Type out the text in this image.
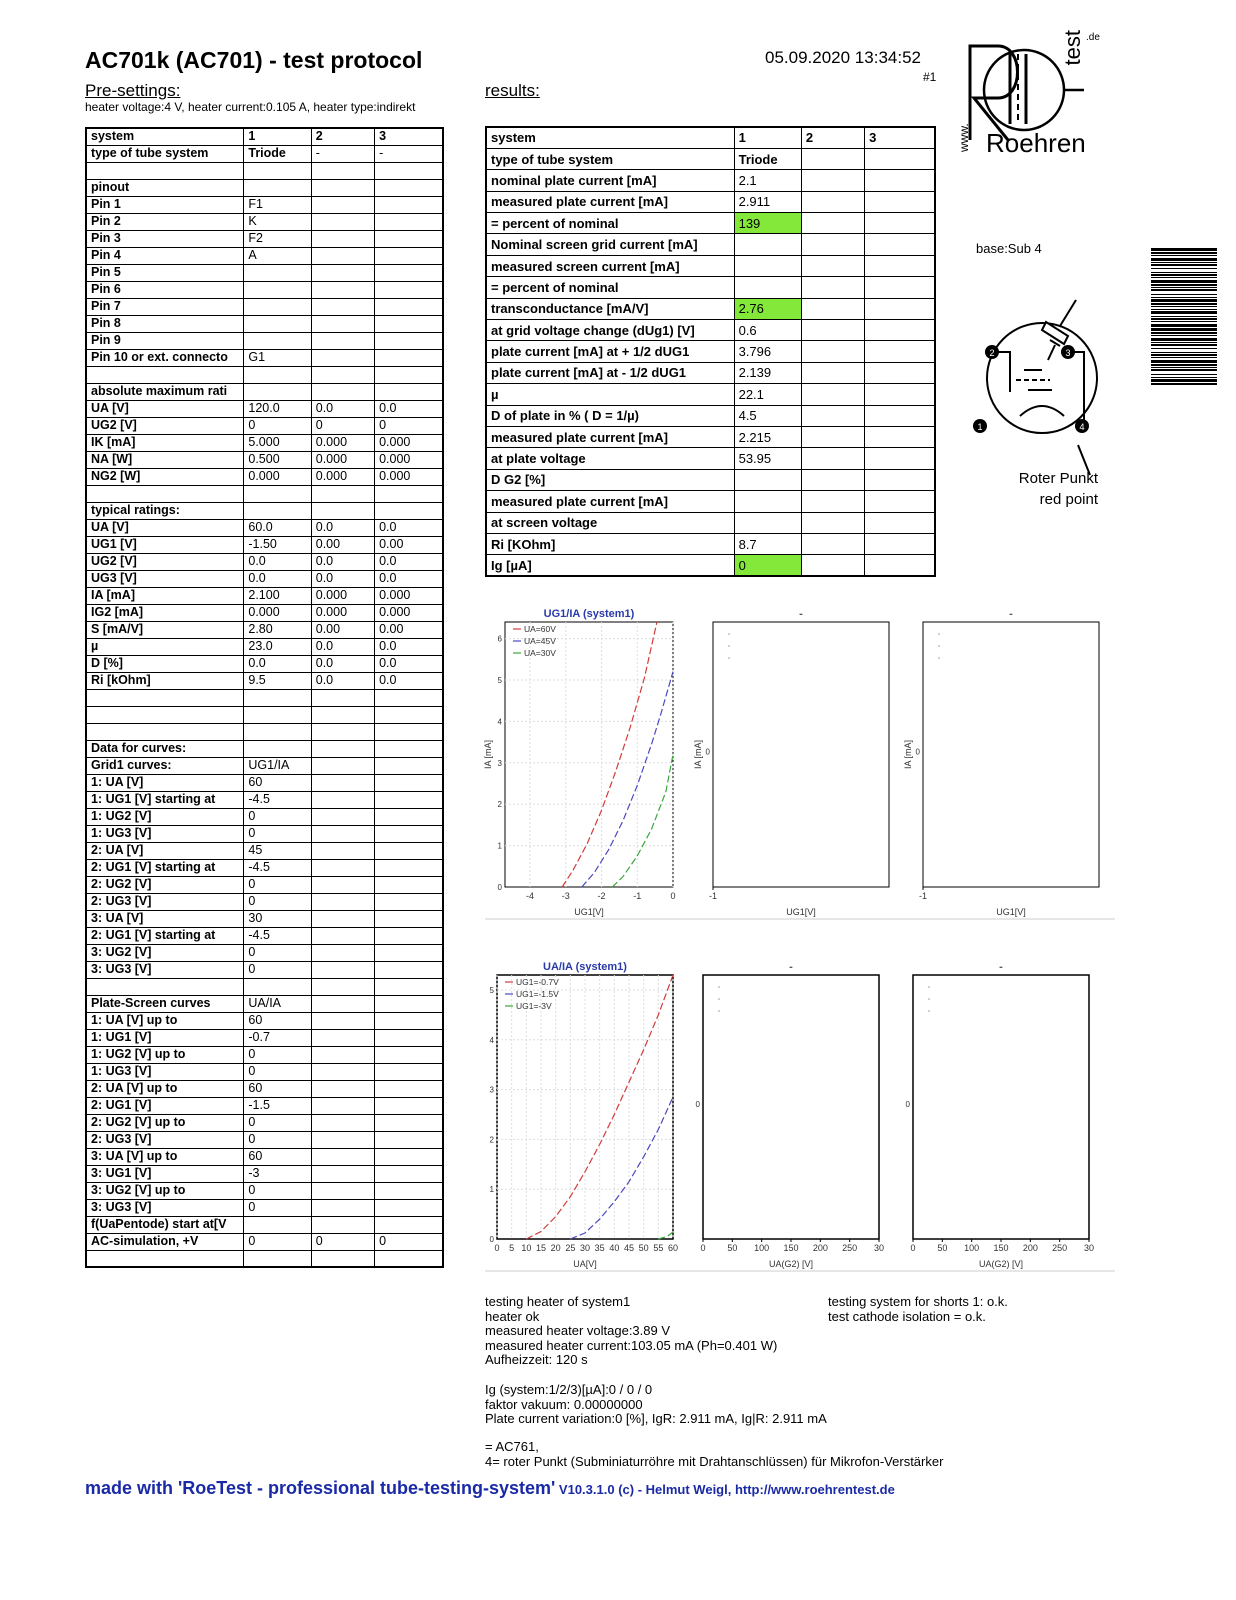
AC701k (AC701) - test protocol	05.09.2020 13:34:52
#1
Pre-settings:
heater voltage:4 V, heater current:0.105 A, heater type:indirekt
results:
test .de
www. Roehren
base:Sub 4
2	3
1	4
Roter Punkt
red point
system	1	2	3
type of tube system	Triode	-	-

pinout			
Pin 1	F1		
Pin 2	K		
Pin 3	F2		
Pin 4	A		
Pin 5			
Pin 6			
Pin 7			
Pin 8			
Pin 9			
Pin 10 or ext. connecto	G1		

absolute maximum rati			
UA [V]	120.0	0.0	0.0
UG2 [V]	0	0	0
IK [mA]	5.000	0.000	0.000
NA [W]	0.500	0.000	0.000
NG2 [W]	0.000	0.000	0.000

typical ratings:			
UA [V]	60.0	0.0	0.0
UG1 [V]	-1.50	0.00	0.00
UG2 [V]	0.0	0.0	0.0
UG3 [V]	0.0	0.0	0.0
IA [mA]	2.100	0.000	0.000
IG2 [mA]	0.000	0.000	0.000
S [mA/V]	2.80	0.00	0.00
µ	23.0	0.0	0.0
D [%]	0.0	0.0	0.0
Ri [kOhm]	9.5	0.0	0.0

Data for curves:			
Grid1 curves:	UG1/IA		
1: UA [V]	60		
1: UG1 [V] starting at	-4.5		
1: UG2 [V]	0		
1: UG3 [V]	0		
2: UA [V]	45		
2: UG1 [V] starting at	-4.5		
2: UG2 [V]	0		
2: UG3 [V]	0		
3: UA [V]	30		
2: UG1 [V] starting at	-4.5		
3: UG2 [V]	0		
3: UG3 [V]	0		

Plate-Screen curves	UA/IA		
1: UA [V] up to	60		
1: UG1 [V]	-0.7		
1: UG2 [V] up to	0		
1: UG3 [V]	0		
2: UA [V] up to	60		
2: UG1 [V]	-1.5		
2: UG2 [V] up to	0		
2: UG3 [V]	0		
3: UA [V] up to	60		
3: UG1 [V]	-3		
3: UG2 [V] up to	0		
3: UG3 [V]	0		
f(UaPentode) start at[V			
AC-simulation, +V	0	0	0

system	1	2	3
type of tube system	Triode		
nominal plate current [mA]	2.1		
measured plate current [mA]	2.911		
= percent of nominal	139		
Nominal screen grid current [mA]			
measured screen current [mA]			
= percent of nominal			
transconductance [mA/V]	2.76		
at grid voltage change (dUg1) [V]	0.6		
plate current [mA] at + 1/2 dUG1	3.796		
plate current [mA] at - 1/2 dUG1	2.139		
µ	22.1		
D of plate in % ( D = 1/µ)	4.5		
measured plate current [mA]	2.215		
at plate voltage	53.95		
D G2 [%]			
measured plate current [mA]			
at screen voltage			
Ri [KOhm]	8.7		
Ig [µA]	0		
UG1/IA (system1)
UG1[V]
IA [mA]
-4	-3	-2	-1	0
0
1
2
3
4
5
6
UA=60V
UA=45V
UA=30V
-
UG1[V]
IA [mA]
-1
0
-
UG1[V]
IA [mA]
-1
0
UA/IA (system1)
UA[V]
0 5 10 15 20 25 30 35 40 45 50 55 60
0
1
2
3
4
5
UG1=-0.7V
UG1=-1.5V
UG1=-3V
-
UA(G2) [V]
0 50 100 150 200 250 30
0
-
UA(G2) [V]
0 50 100 150 200 250 30
0
testing heater of system1
heater ok
measured heater voltage:3.89 V
measured heater current:103.05 mA (Ph=0.401 W)
Aufheizzeit: 120 s
testing system for shorts 1: o.k.
test cathode isolation = o.k.
Ig (system:1/2/3)[µA]:0 / 0 / 0
faktor vakuum: 0.00000000
Plate current variation:0 [%], IgR: 2.911 mA, Ig|R: 2.911 mA
= AC761,
4= roter Punkt (Subminiaturröhre mit Drahtanschlüssen) für Mikrofon-Verstärker
made with 'RoeTest - professional tube-testing-system' V10.3.1.0 (c) - Helmut Weigl, http://www.roehrentest.de
